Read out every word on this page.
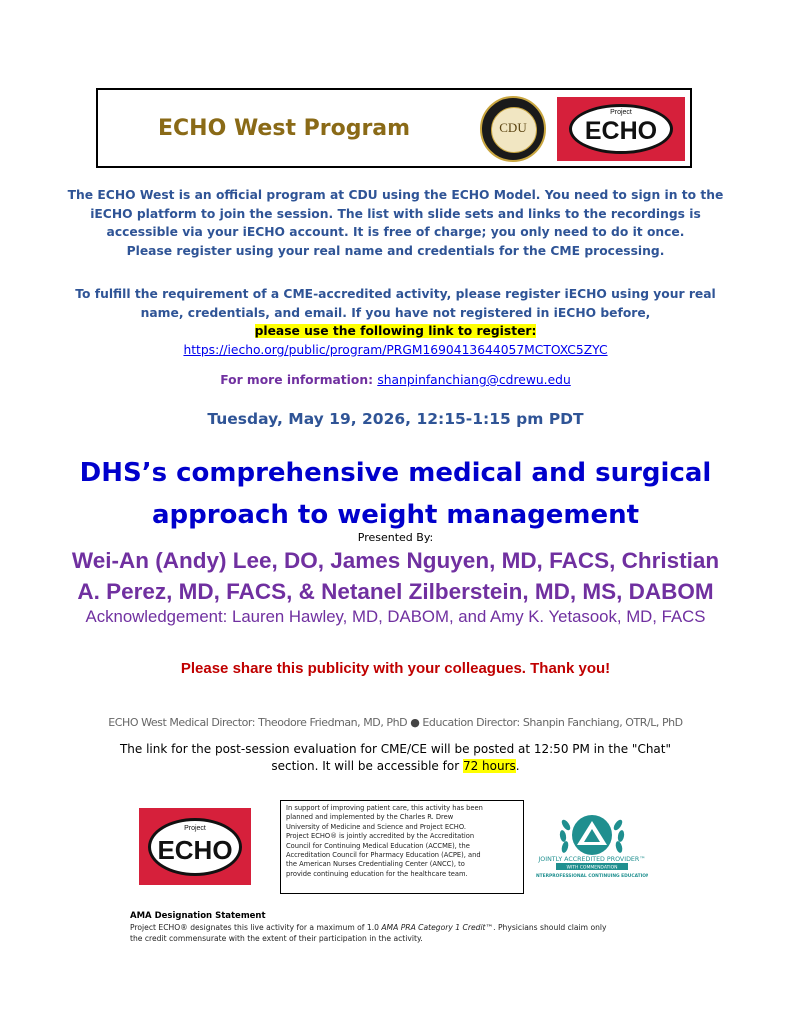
ECHO West Program	CDU
Project
ECHO
The ECHO West is an official program at CDU using the ECHO Model. You need to sign in to the
iECHO platform to join the session. The list with slide sets and links to the recordings is
accessible via your iECHO account. It is free of charge; you only need to do it once.
Please register using your real name and credentials for the CME processing.
To fulfill the requirement of a CME-accredited activity, please register iECHO using your real
name, credentials, and email. If you have not registered in iECHO before,
please use the following link to register:
https://iecho.org/public/program/PRGM1690413644057MCTOXC5ZYC
For more information: shanpinfanchiang@cdrewu.edu
Tuesday, May 19, 2026, 12:15-1:15 pm PDT
DHS’s comprehensive medical and surgical
approach to weight management
Presented By:
Wei-An (Andy) Lee, DO, James Nguyen, MD, FACS, Christian
A. Perez, MD, FACS, & Netanel Zilberstein, MD, MS, DABOM
Acknowledgement: Lauren Hawley, MD, DABOM, and Amy K. Yetasook, MD, FACS
Please share this publicity with your colleagues. Thank you!
ECHO West Medical Director: Theodore Friedman, MD, PhD ● Education Director: Shanpin Fanchiang, OTR/L, PhD
The link for the post-session evaluation for CME/CE will be posted at 12:50 PM in the "Chat"
section. It will be accessible for 72 hours.
Project
ECHO
In support of improving patient care, this activity has been
planned and implemented by the Charles R. Drew
University of Medicine and Science and Project ECHO.
Project ECHO® is jointly accredited by the Accreditation
Council for Continuing Medical Education (ACCME), the
Accreditation Council for Pharmacy Education (ACPE), and
the American Nurses Credentialing Center (ANCC), to
provide continuing education for the healthcare team.
WITH COMMENDATION
JOINTLY ACCREDITED PROVIDER™
INTERPROFESSIONAL CONTINUING EDUCATION
AMA Designation Statement
Project ECHO® designates this live activity for a maximum of 1.0 AMA PRA Category 1 Credit™. Physicians should claim only
the credit commensurate with the extent of their participation in the activity.
